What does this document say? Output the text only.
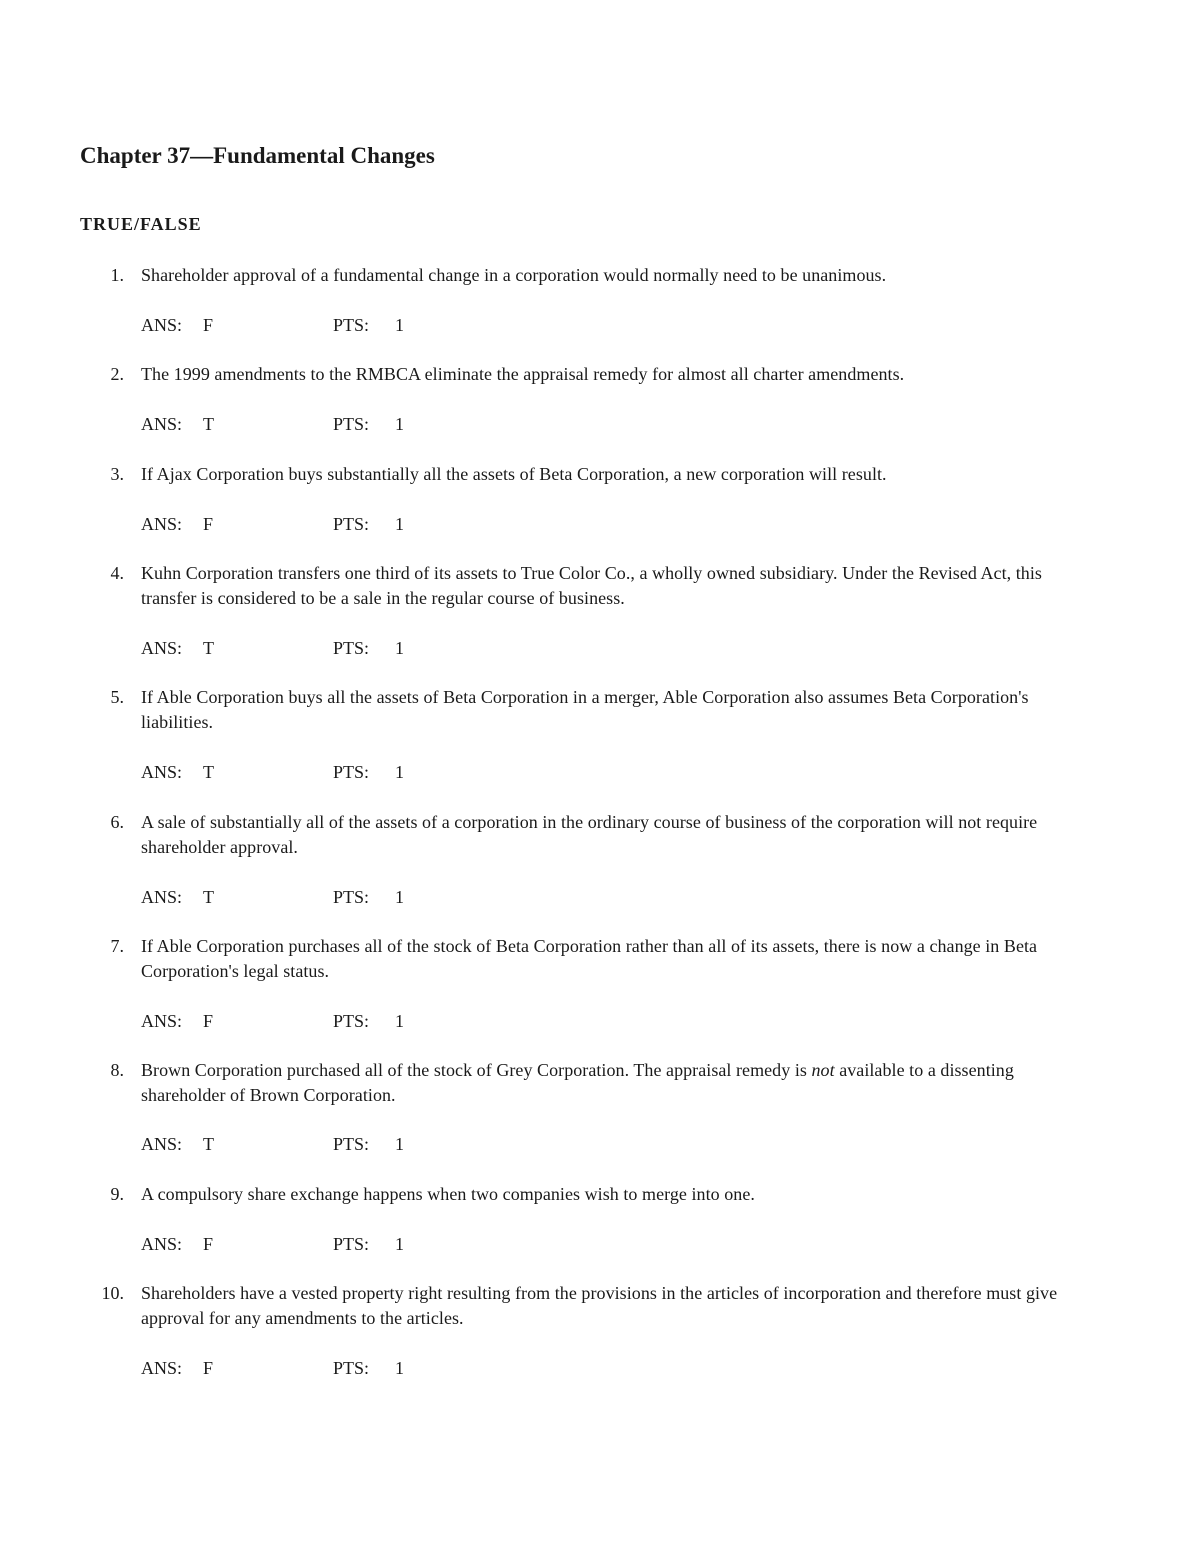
Chapter 37—Fundamental Changes
TRUE/FALSE
1. Shareholder approval of a fundamental change in a corporation would normally need to be unanimous.
ANS: F	PTS: 1
2. The 1999 amendments to the RMBCA eliminate the appraisal remedy for almost all charter amendments.
ANS: T	PTS: 1
3. If Ajax Corporation buys substantially all the assets of Beta Corporation, a new corporation will result.
ANS: F	PTS: 1
4. Kuhn Corporation transfers one third of its assets to True Color Co., a wholly owned subsidiary. Under the Revised Act, this transfer is considered to be a sale in the regular course of business.
ANS: T	PTS: 1
5. If Able Corporation buys all the assets of Beta Corporation in a merger, Able Corporation also assumes Beta Corporation's liabilities.
ANS: T	PTS: 1
6. A sale of substantially all of the assets of a corporation in the ordinary course of business of the corporation will not require shareholder approval.
ANS: T	PTS: 1
7. If Able Corporation purchases all of the stock of Beta Corporation rather than all of its assets, there is now a change in Beta Corporation's legal status.
ANS: F	PTS: 1
8. Brown Corporation purchased all of the stock of Grey Corporation. The appraisal remedy is not available to a dissenting shareholder of Brown Corporation.
ANS: T	PTS: 1
9. A compulsory share exchange happens when two companies wish to merge into one.
ANS: F	PTS: 1
10. Shareholders have a vested property right resulting from the provisions in the articles of incorporation and therefore must give approval for any amendments to the articles.
ANS: F	PTS: 1
